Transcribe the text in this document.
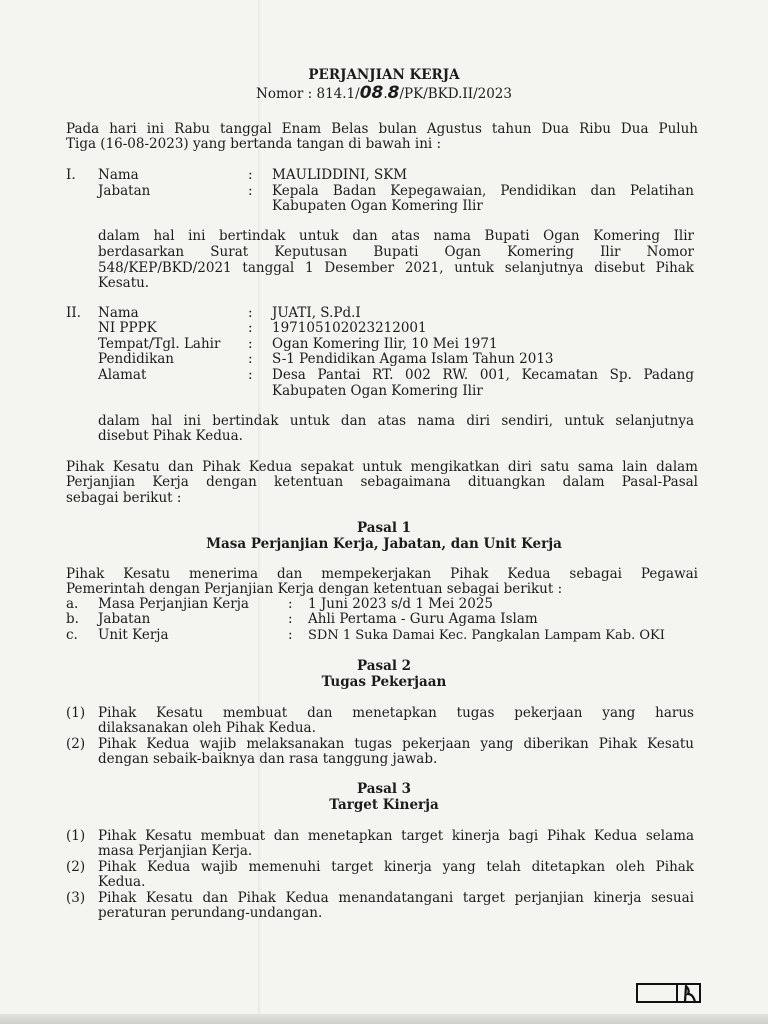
PERJANJIAN KERJA
Nomor : 814.1/08.8/PK/BKD.II/2023
Pada hari ini Rabu tanggal Enam Belas bulan Agustus tahun Dua Ribu Dua Puluh
Tiga (16-08-2023) yang bertanda tangan di bawah ini :
I. Nama	: MAULIDDINI, SKM
Jabatan	: Kepala Badan Kepegawaian, Pendidikan dan Pelatihan
Kabupaten Ogan Komering Ilir
dalam hal ini bertindak untuk dan atas nama Bupati Ogan Komering Ilir
berdasarkan Surat Keputusan Bupati Ogan Komering Ilir Nomor
548/KEP/BKD/2021 tanggal 1 Desember 2021, untuk selanjutnya disebut Pihak
Kesatu.
II. Nama	: JUATI, S.Pd.I
NI PPPK	: 197105102023212001
Tempat/Tgl. Lahir : Ogan Komering Ilir, 10 Mei 1971
Pendidikan	: S-1 Pendidikan Agama Islam Tahun 2013
Alamat	: Desa Pantai RT. 002 RW. 001, Kecamatan Sp. Padang
Kabupaten Ogan Komering Ilir
dalam hal ini bertindak untuk dan atas nama diri sendiri, untuk selanjutnya
disebut Pihak Kedua.
Pihak Kesatu dan Pihak Kedua sepakat untuk mengikatkan diri satu sama lain dalam
Perjanjian Kerja dengan ketentuan sebagaimana dituangkan dalam Pasal-Pasal
sebagai berikut :
Pasal 1
Masa Perjanjian Kerja, Jabatan, dan Unit Kerja
Pihak Kesatu menerima dan mempekerjakan Pihak Kedua sebagai Pegawai
Pemerintah dengan Perjanjian Kerja dengan ketentuan sebagai berikut :
a. Masa Perjanjian Kerja	: 1 Juni 2023 s/d 1 Mei 2025
b. Jabatan	: Ahli Pertama - Guru Agama Islam
c. Unit Kerja	: SDN 1 Suka Damai Kec. Pangkalan Lampam Kab. OKI
Pasal 2
Tugas Pekerjaan
(1) Pihak Kesatu membuat dan menetapkan tugas pekerjaan yang harus
dilaksanakan oleh Pihak Kedua.
(2) Pihak Kedua wajib melaksanakan tugas pekerjaan yang diberikan Pihak Kesatu
dengan sebaik-baiknya dan rasa tanggung jawab.
Pasal 3
Target Kinerja
(1) Pihak Kesatu membuat dan menetapkan target kinerja bagi Pihak Kedua selama
masa Perjanjian Kerja.
(2) Pihak Kedua wajib memenuhi target kinerja yang telah ditetapkan oleh Pihak
Kedua.
(3) Pihak Kesatu dan Pihak Kedua menandatangani target perjanjian kinerja sesuai
peraturan perundang-undangan.
